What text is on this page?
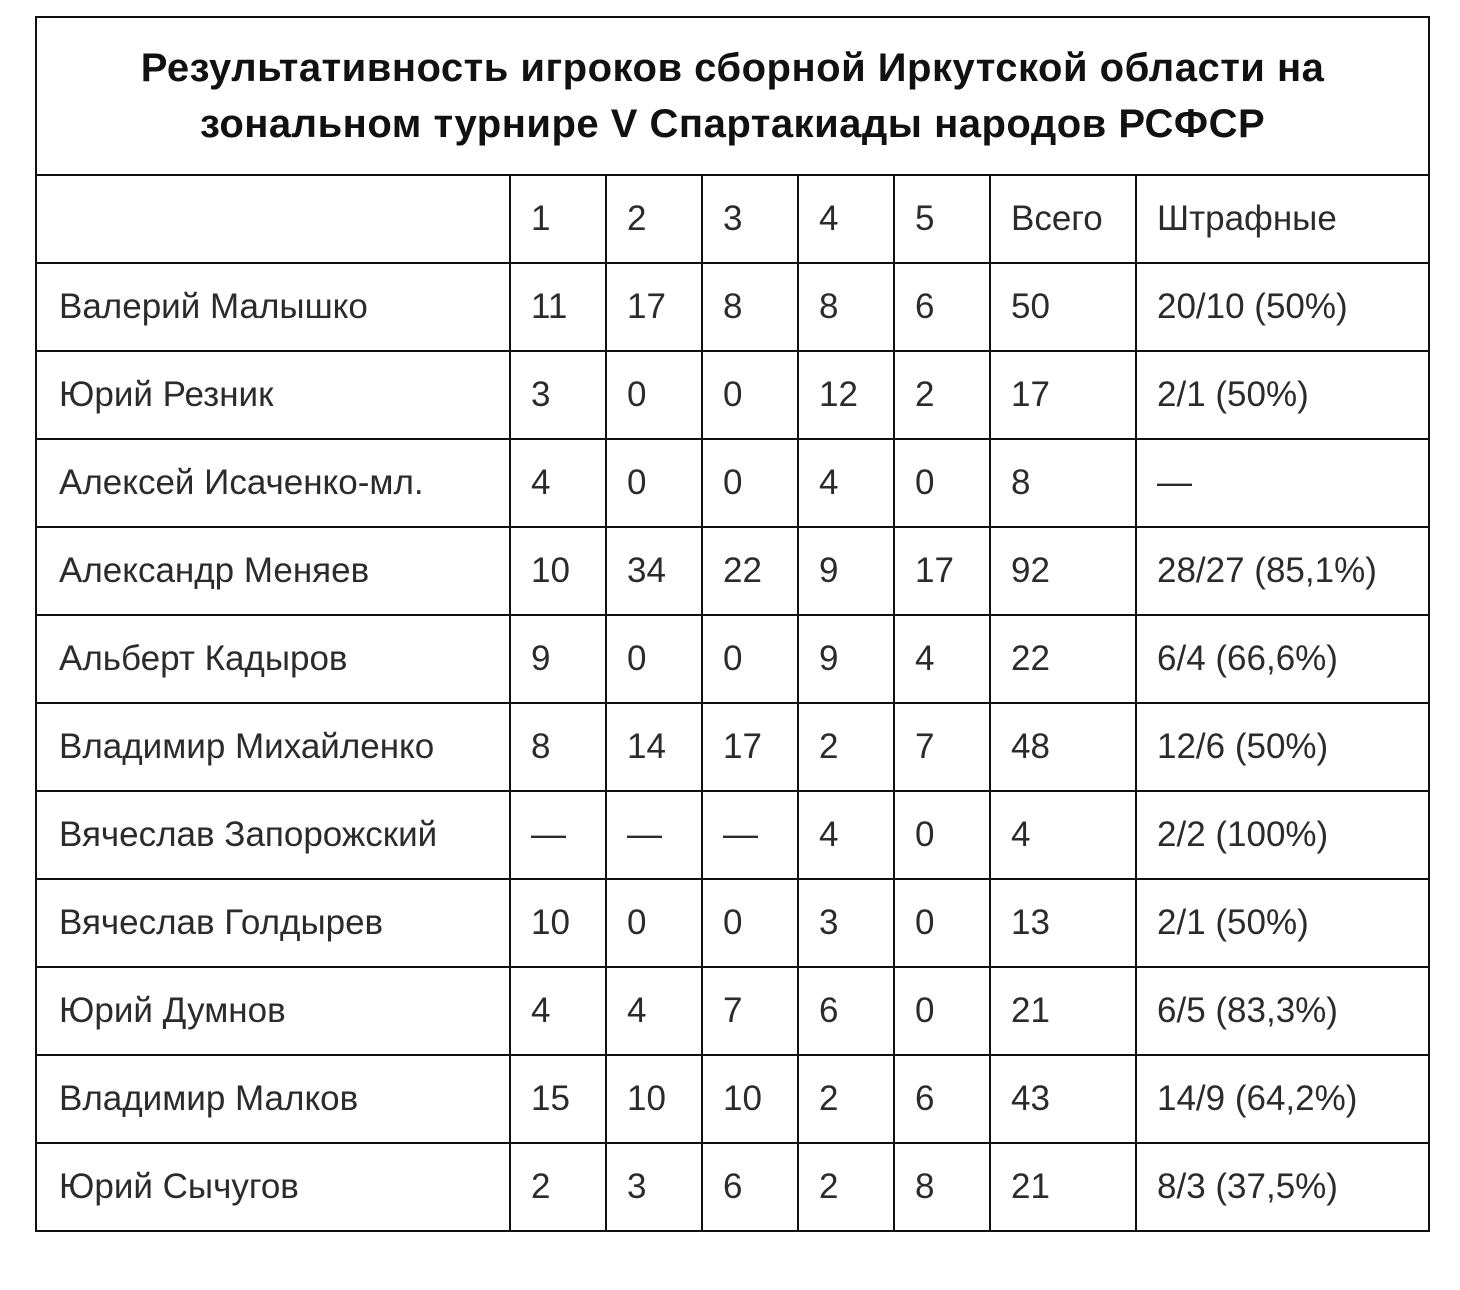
Результативность игроков сборной Иркутской области на зональном турнире V Спартакиады народов РСФСР							
	1	2	3	4	5	Всего	Штрафные
Валерий Малышко	11	17	8	8	6	50	20/10 (50%)
Юрий Резник	3	0	0	12	2	17	2/1 (50%)
Алексей Исаченко-мл.	4	0	0	4	0	8	—
Александр Меняев	10	34	22	9	17	92	28/27 (85,1%)
Альберт Кадыров	9	0	0	9	4	22	6/4 (66,6%)
Владимир Михайленко	8	14	17	2	7	48	12/6 (50%)
Вячеслав Запорожский	—	—	—	4	0	4	2/2 (100%)
Вячеслав Голдырев	10	0	0	3	0	13	2/1 (50%)
Юрий Думнов	4	4	7	6	0	21	6/5 (83,3%)
Владимир Малков	15	10	10	2	6	43	14/9 (64,2%)
Юрий Сычугов	2	3	6	2	8	21	8/3 (37,5%)
